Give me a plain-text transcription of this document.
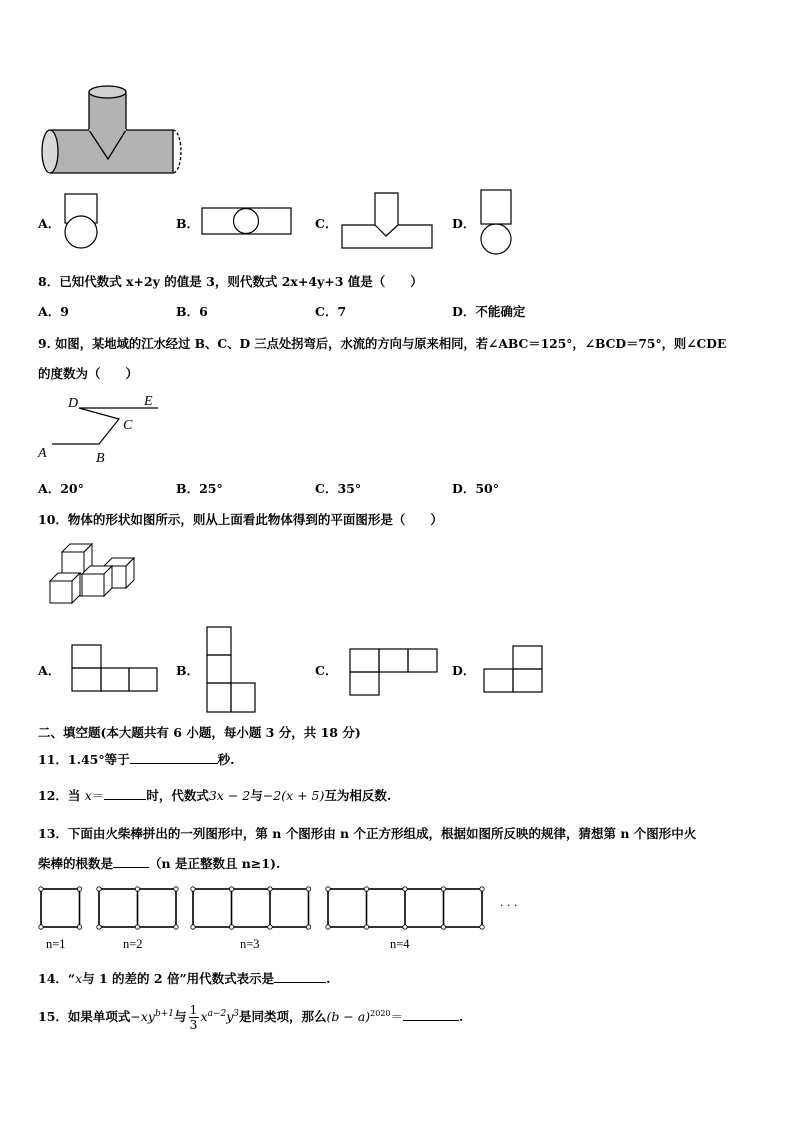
A．	B．	C．	D．
8．已知代数式 x+2y 的值是 3，则代数式 2x+4y+3 值是（　　）
A．9	B．6	C．7	D．不能确定
9. 如图，某地域的江水经过 B、C、D 三点处拐弯后，水流的方向与原来相同，若∠ABC＝125°，∠BCD＝75°，则∠CDE
的度数为（　　）
D	E
C
A	B
A．20°	B．25°	C．35°	D．50°
10．物体的形状如图所示，则从上面看此物体得到的平面图形是（　　）
A．	B．	C．	D．
二、填空题(本大题共有 6 小题，每小题 3 分，共 18 分)
11．1.45°等于	秒.
12．当 x＝	时，代数式3x − 2与−2(x + 5)互为相反数.
13．下面由火柴棒拼出的一列图形中，第 n 个图形由 n 个正方形组成，根据如图所反映的规律，猜想第 n 个图形中火
柴棒的根数是	（n 是正整数且 n≥1).
n=1	n=2	n=3	n=4
· · ·
14．“x与 1 的差的 2 倍”用代数式表示是	.
15．如果单项式$-xy^{b+1}$与 $\frac{1}{3} x^{a-2}y^3$是同类项，那么$(b - a)^{2020}=$	.
